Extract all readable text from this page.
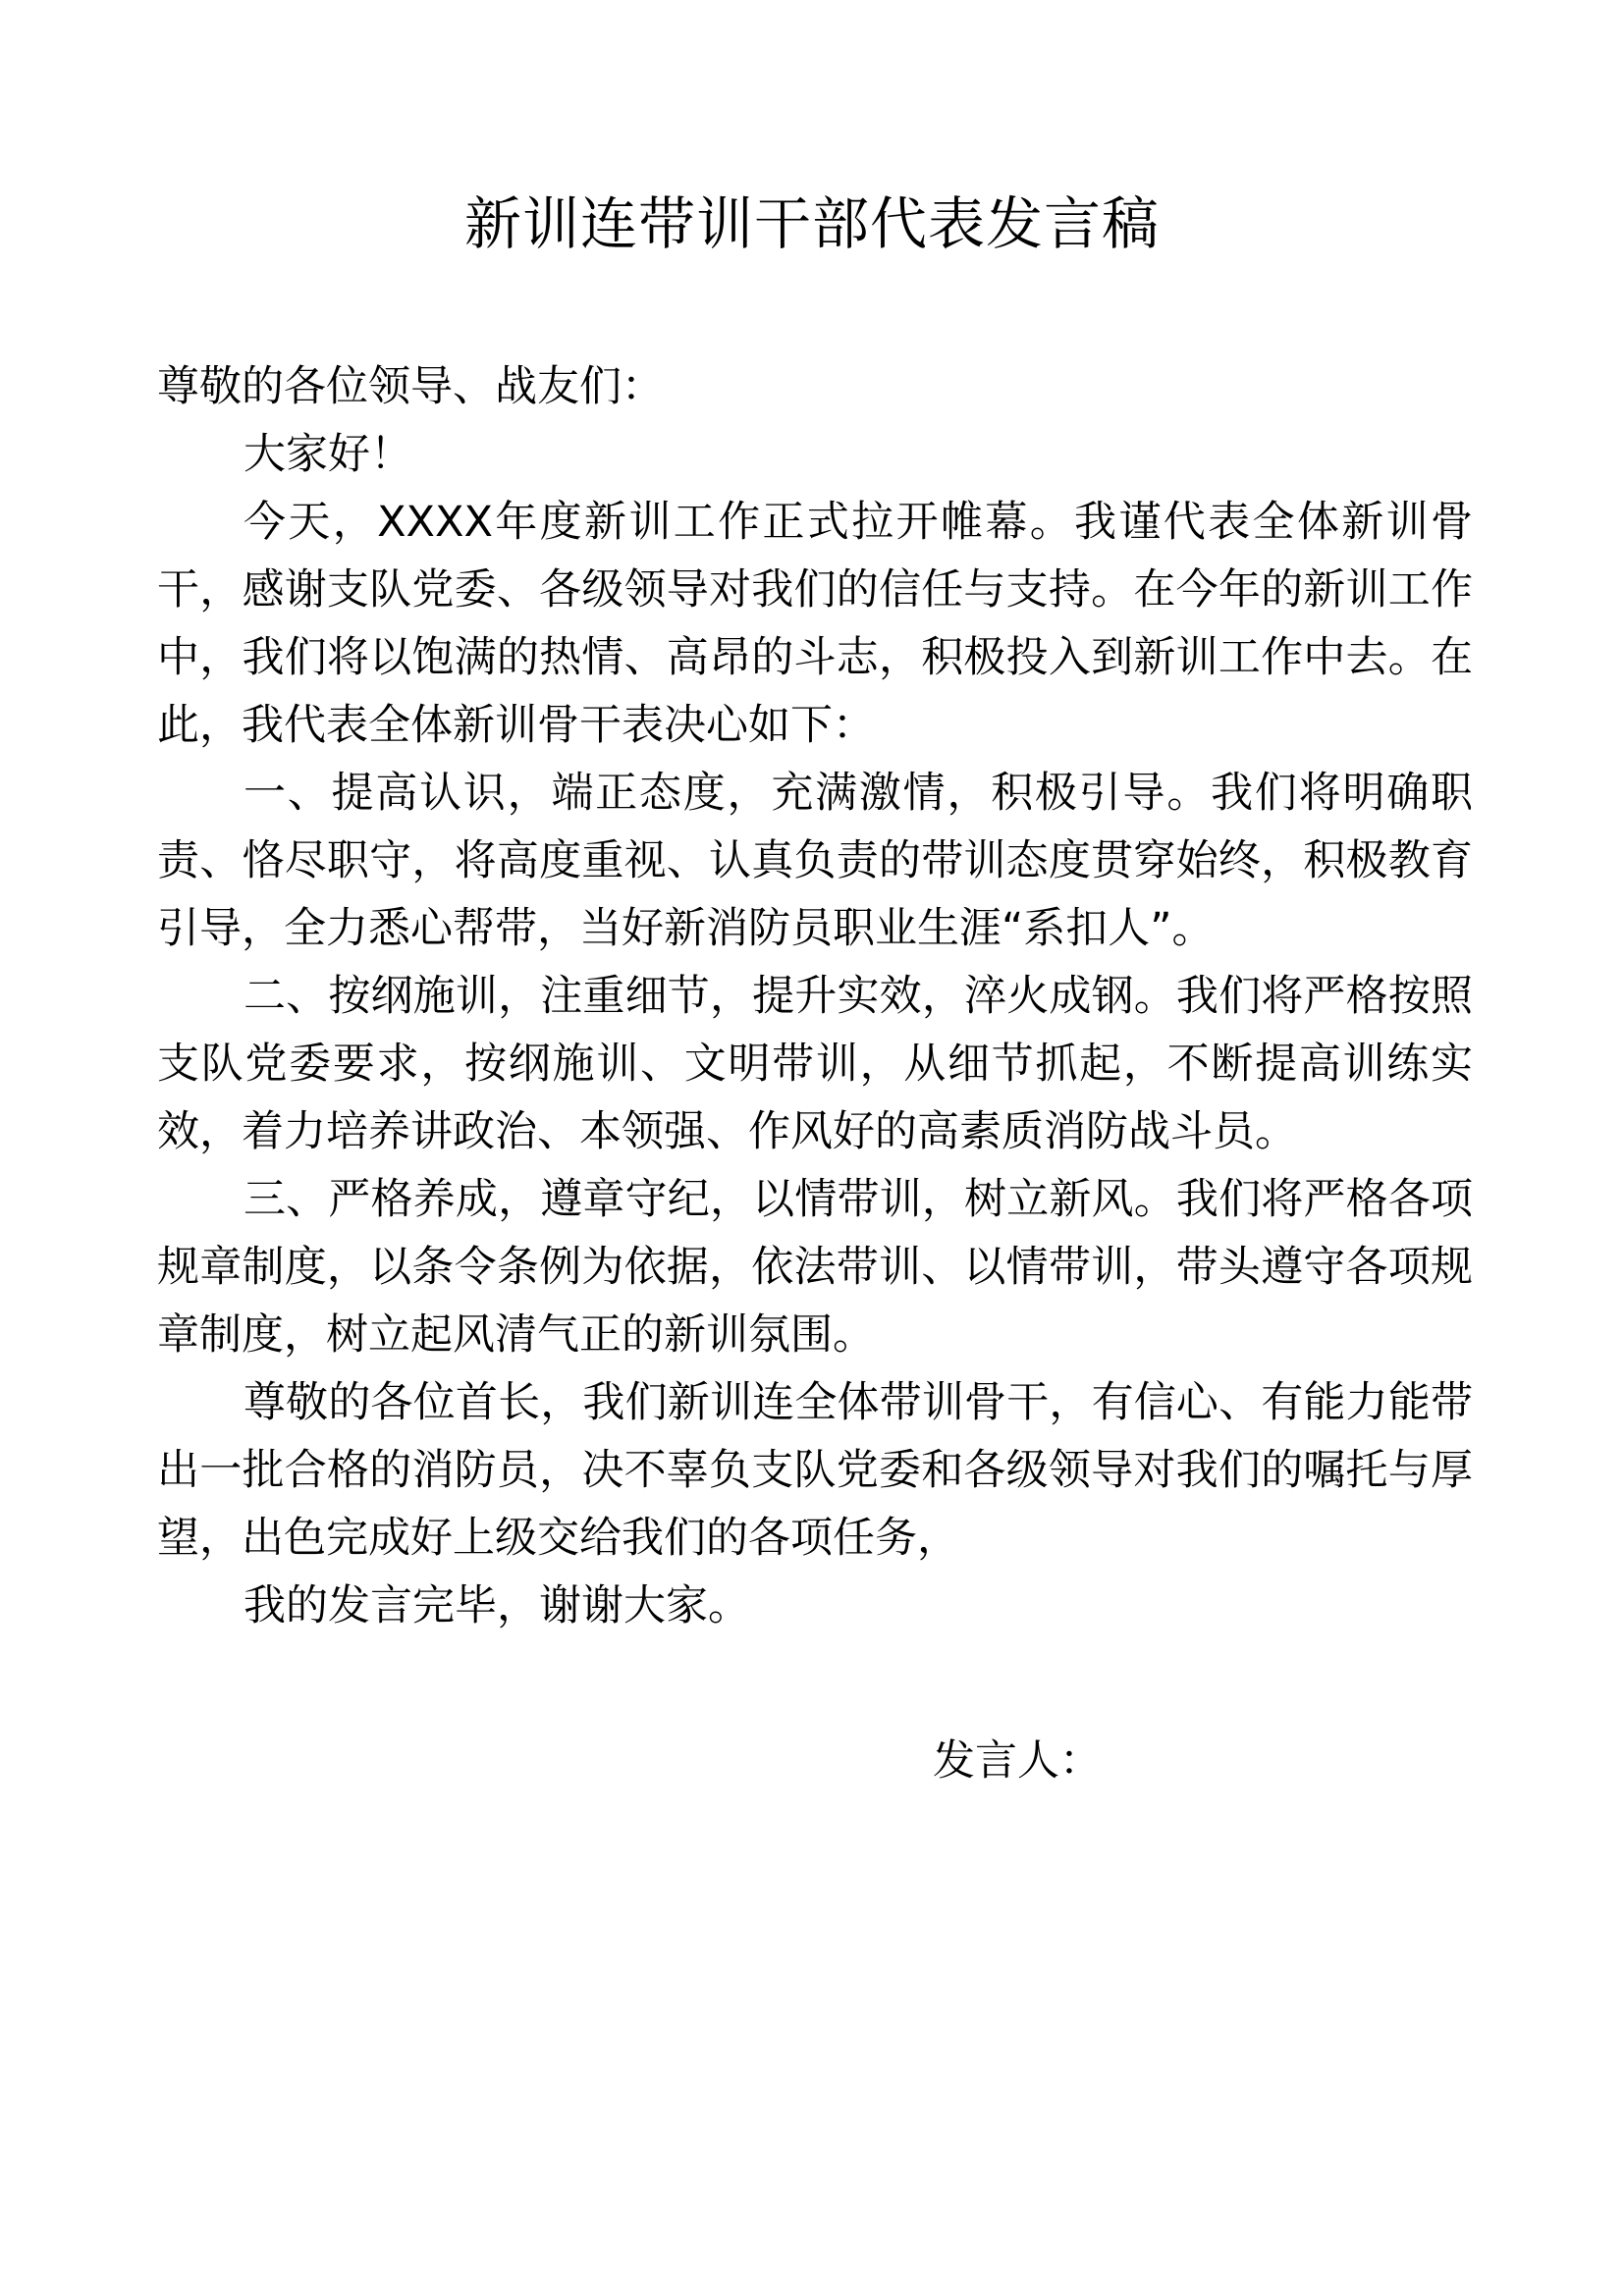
新训连带训干部代表发言稿

尊敬的各位领导、战友们：

大家好！

今天，XXXX年度新训工作正式拉开帷幕。我谨代表全体新训骨干，感谢支队党委、各级领导对我们的信任与支持。在今年的新训工作中，我们将以饱满的热情、高昂的斗志，积极投入到新训工作中去。在此，我代表全体新训骨干表决心如下：

一、提高认识，端正态度，充满激情，积极引导。我们将明确职责、恪尽职守，将高度重视、认真负责的带训态度贯穿始终，积极教育引导，全力悉心帮带，当好新消防员职业生涯“系扣人”。

二、按纲施训，注重细节，提升实效，淬火成钢。我们将严格按照支队党委要求，按纲施训、文明带训，从细节抓起，不断提高训练实效，着力培养讲政治、本领强、作风好的高素质消防战斗员。

三、严格养成，遵章守纪，以情带训，树立新风。我们将严格各项规章制度，以条令条例为依据，依法带训、以情带训，带头遵守各项规章制度，树立起风清气正的新训氛围。

尊敬的各位首长，我们新训连全体带训骨干，有信心、有能力能带出一批合格的消防员，决不辜负支队党委和各级领导对我们的嘱托与厚望，出色完成好上级交给我们的各项任务，

我的发言完毕，谢谢大家。

发言人：
